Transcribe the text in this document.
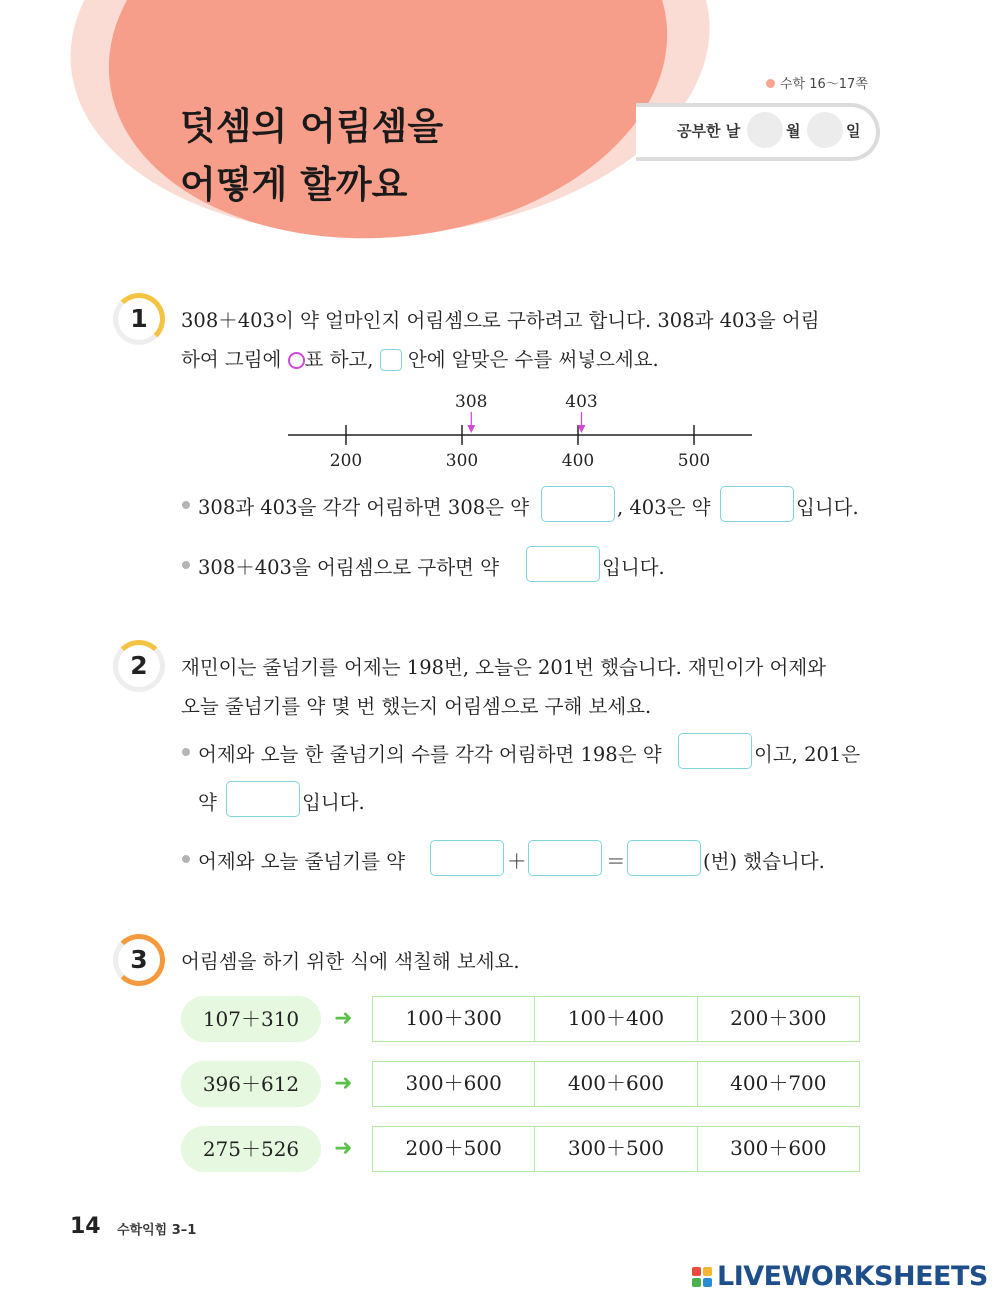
덧셈의 어림셈을
어떻게 할까요
수학 16～17쪽
공부한 날	월	일
1	308＋403이 약 얼마인지 어림셈으로 구하려고 합니다. 308과 403을 어림
하여 그림에 ○표 하고,  안에 알맞은 수를 써넣으세요.
200	300	400	500
308	403
308과 403을 각각 어림하면 308은 약	, 403은 약	입니다.
308＋403을 어림셈으로 구하면 약	입니다.
2	재민이는 줄넘기를 어제는 198번, 오늘은 201번 했습니다. 재민이가 어제와
오늘 줄넘기를 약 몇 번 했는지 어림셈으로 구해 보세요.
어제와 오늘 한 줄넘기의 수를 각각 어림하면 198은 약	이고, 201은
약	입니다.
어제와 오늘 줄넘기를 약	＋	＝	(번) 했습니다.
3	어림셈을 하기 위한 식에 색칠해 보세요.
107＋310	➜	100＋300	100＋400	200＋300
396＋612	➜	300＋600	400＋600	400＋700
275＋526	➜	200＋500	300＋500	300＋600
14 수학익힘 3–1
LIVEWORKSHEETS
